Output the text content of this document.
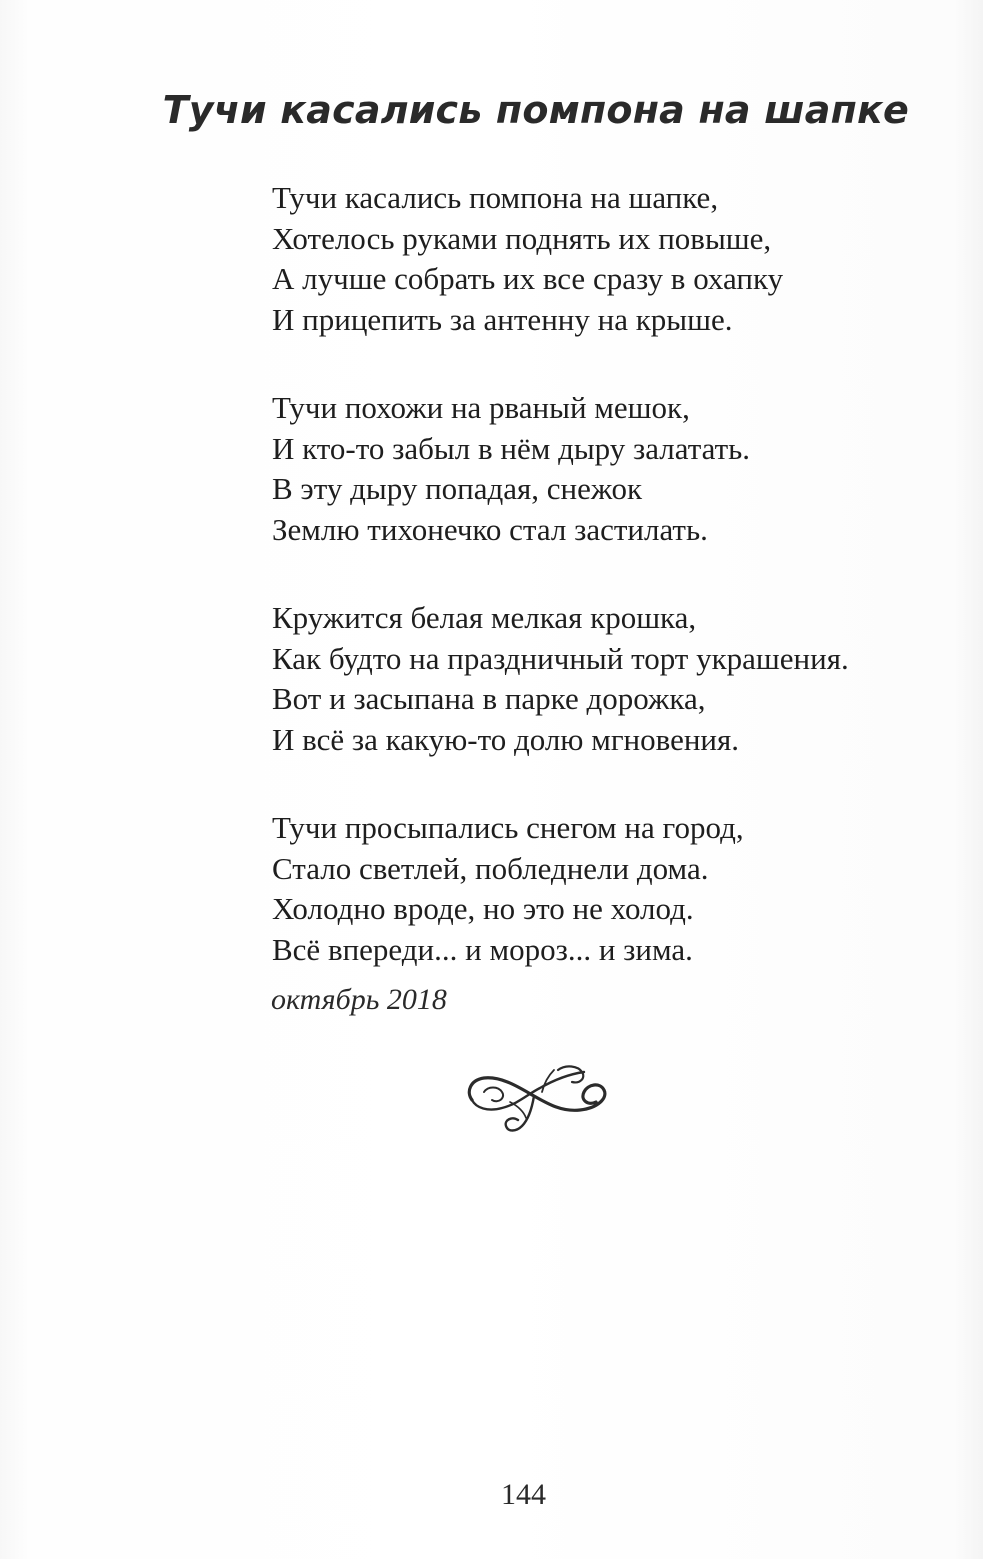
Тучи касались помпона на шапке
Тучи касались помпона на шапке,
Хотелось руками поднять их повыше,
А лучше собрать их все сразу в охапку
И прицепить за антенну на крыше.
Тучи похожи на рваный мешок,
И кто-то забыл в нём дыру залатать.
В эту дыру попадая, снежок
Землю тихонечко стал застилать.
Кружится белая мелкая крошка,
Как будто на праздничный торт украшения.
Вот и засыпана в парке дорожка,
И всё за какую-то долю мгновения.
Тучи просыпались снегом на город,
Стало светлей, побледнели дома.
Холодно вроде, но это не холод.
Всё впереди... и мороз... и зима.
октябрь 2018
144
